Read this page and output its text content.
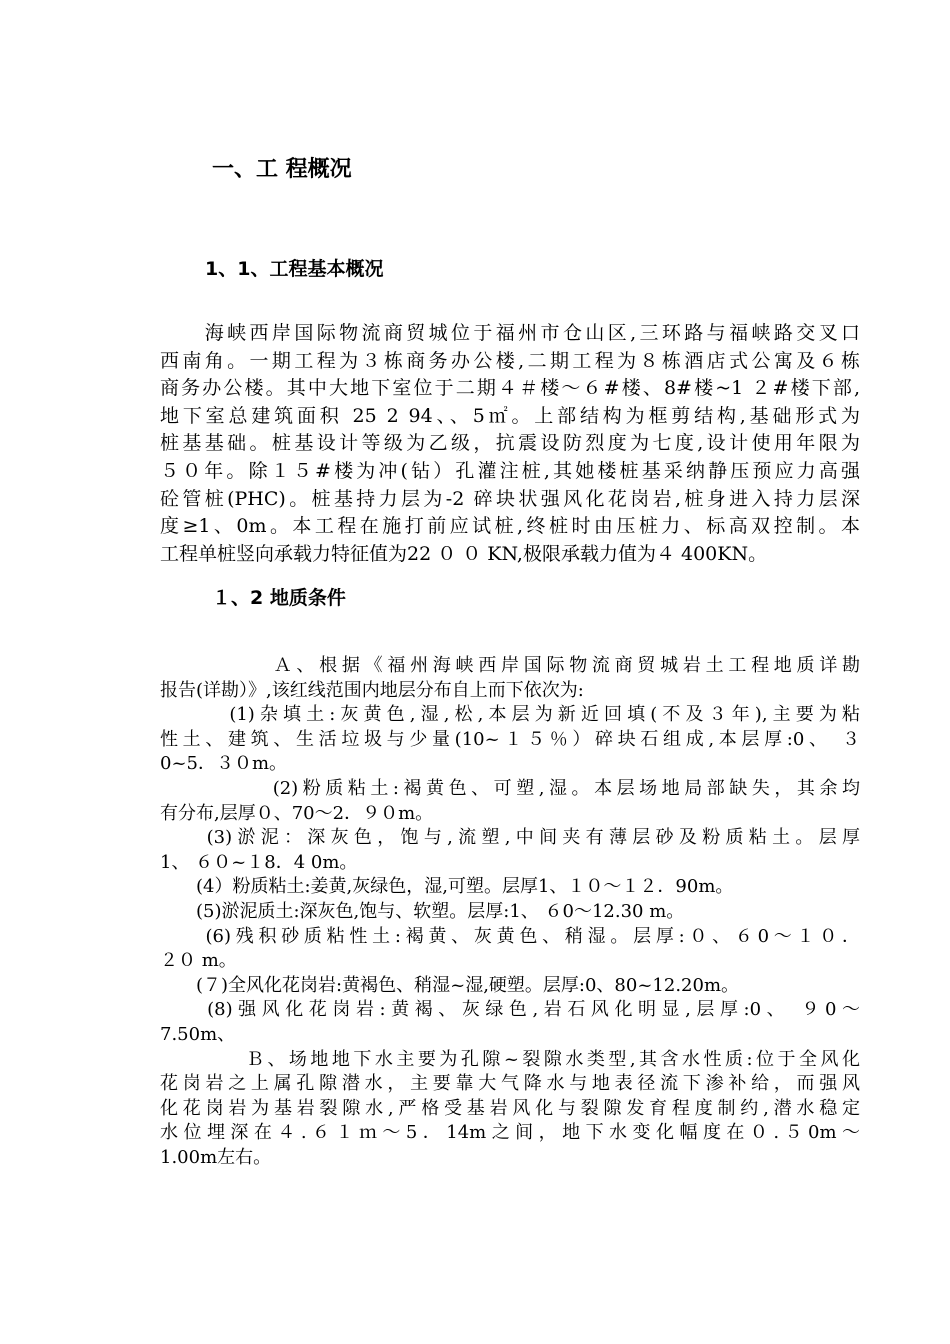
一、工 程概况
1、1、工程基本概况
　　海峡西岸国际物流商贸城位于福州市仓山区,三环路与福峡路交叉口
西南角。一期工程为３栋商务办公楼,二期工程为８栋酒店式公寓及６栋
商务办公楼。其中大地下室位于二期４＃楼～６#楼、8#楼~1 ２#楼下部,
地下室总建筑面积 25 2 94、、5㎡。上部结构为框剪结构,基础形式为
桩基基础。桩基设计等级为乙级，抗震设防烈度为七度,设计使用年限为
５０年。除１５#楼为冲(钻）孔灌注桩,其她楼桩基采纳静压预应力高强
砼管桩(PHC)。桩基持力层为-2 碎块状强风化花岗岩,桩身进入持力层深
度≥1、0m。本工程在施打前应试桩,终桩时由压桩力、标高双控制。本
工程单桩竖向承载力特征值为22 ０ ０ KN,极限承载力值为４ 400KN。
１、2 地质条件
　　　　　Ａ、根据《福州海峡西岸国际物流商贸城岩土工程地质详勘
报告(详勘）》,该红线范围内地层分布自上而下依次为:
　　　(1)杂填土:灰黄色,湿,松,本层为新近回填(不及３年),主要为粘
性土、建筑、生活垃圾与少量(10~１５％）碎块石组成,本层厚:0、 ３
0~5．３０m。
　　　　　(2)粉质粘土:褐黄色、可塑,湿。本层场地局部缺失，其余均
有分布,层厚０、70～2．９０m。
　　(3)淤泥：深灰色，饱与,流塑,中间夹有薄层砂及粉质粘土。层厚
1、 ６０~１8．4 0m。
　　(4）粉质粘土:姜黄,灰绿色，湿,可塑。层厚1、１０～１２．90m。
　　(5)淤泥质土:深灰色,饱与、软塑。层厚:1、 ６0～12.30 m。
　　(6)残积砂质粘性土:褐黄、灰黄色、稍湿。层厚:０、６0～１０．
２０ m。
　　(７)全风化花岗岩:黄褐色、稍湿~湿,硬塑。层厚:0、80~12.20m。
　　(8)强风化花岗岩:黄褐、灰绿色,岩石风化明显,层厚:0、 ９0～
7.50m、
　　　　Ｂ、场地地下水主要为孔隙~裂隙水类型,其含水性质:位于全风化
花岗岩之上属孔隙潜水，主要靠大气降水与地表径流下渗补给，而强风
化花岗岩为基岩裂隙水,严格受基岩风化与裂隙发育程度制约,潜水稳定
水位埋深在４.６１ｍ～5．14m之间，地下水变化幅度在０.５0m～
1.00m左右。
